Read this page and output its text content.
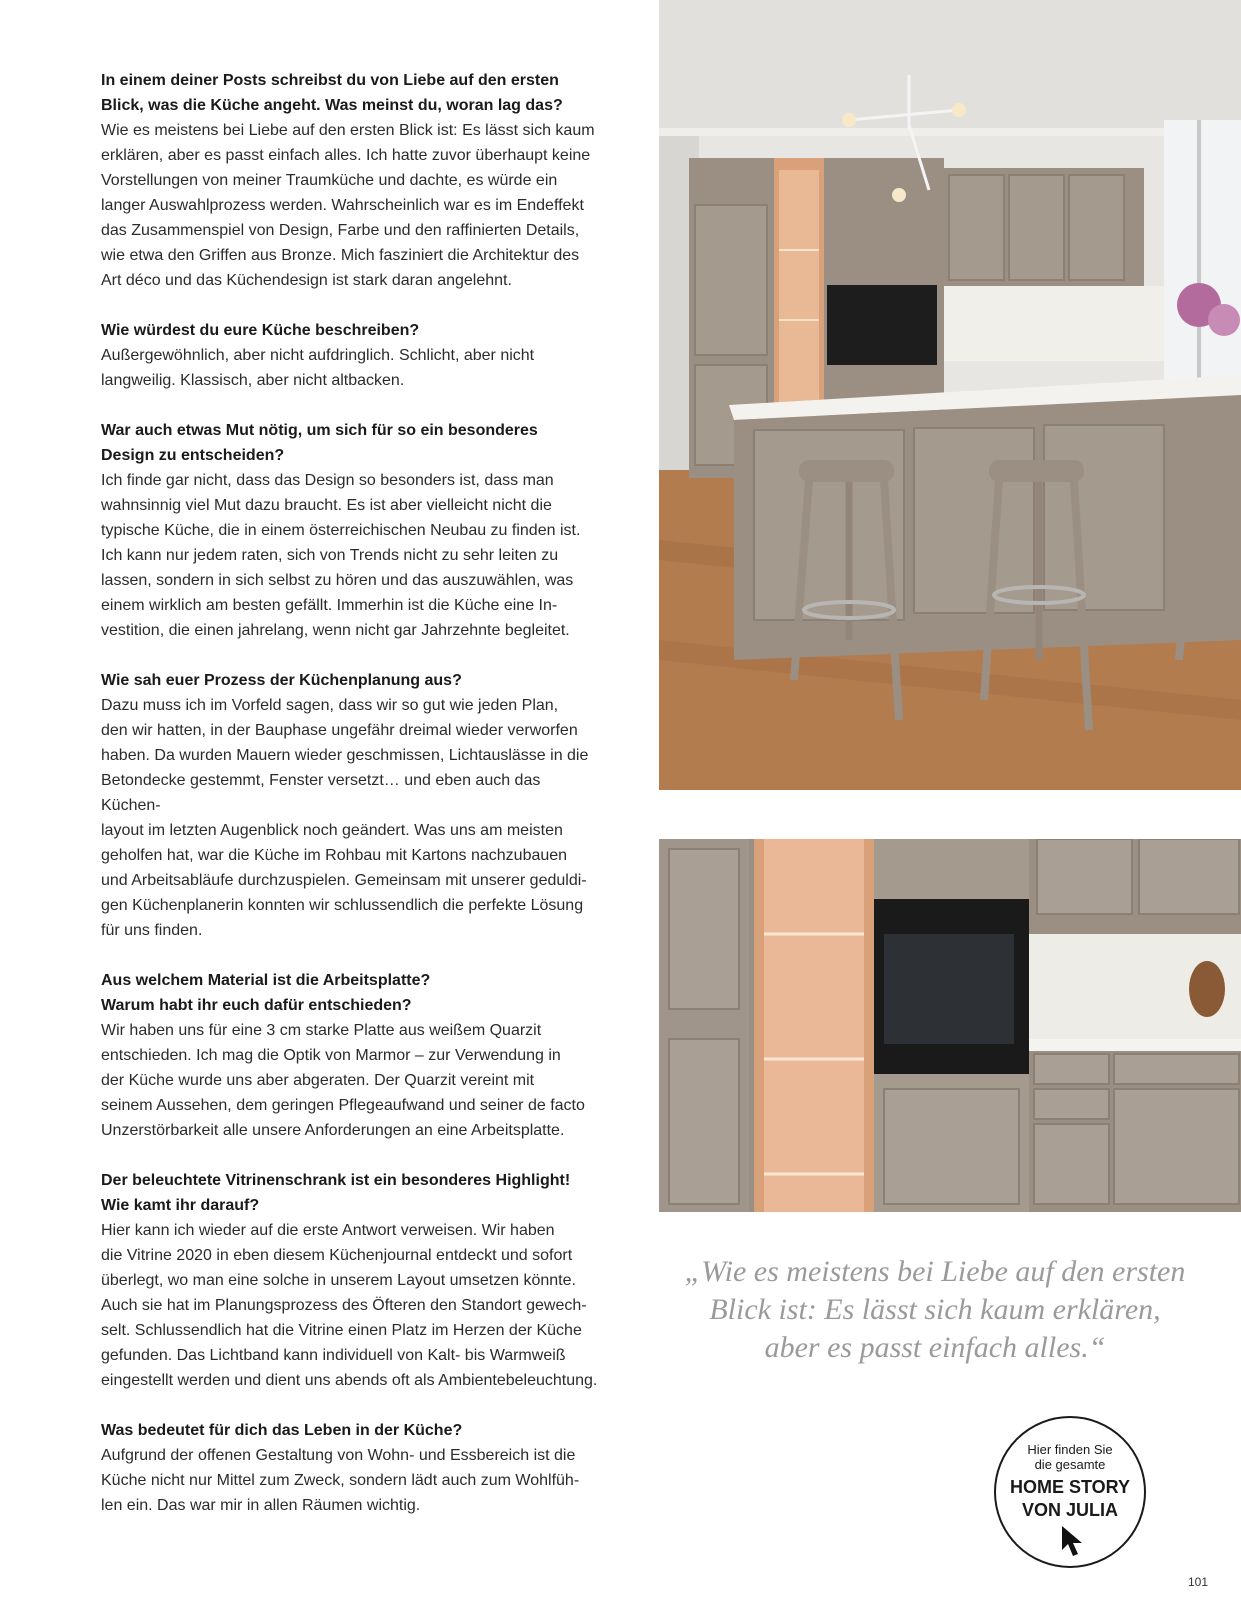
In einem deiner Posts schreibst du von Liebe auf den ersten
Blick, was die Küche angeht. Was meinst du, woran lag das?
Wie es meistens bei Liebe auf den ersten Blick ist: Es lässt sich kaum
erklären, aber es passt einfach alles. Ich hatte zuvor überhaupt keine
Vorstellungen von meiner Traumküche und dachte, es würde ein
langer Auswahlprozess werden. Wahrscheinlich war es im Endeffekt
das Zusammenspiel von Design, Farbe und den raffinierten Details,
wie etwa den Griffen aus Bronze. Mich fasziniert die Architektur des
Art déco und das Küchendesign ist stark daran angelehnt.
Wie würdest du eure Küche beschreiben?
Außergewöhnlich, aber nicht aufdringlich. Schlicht, aber nicht
langweilig. Klassisch, aber nicht altbacken.
War auch etwas Mut nötig, um sich für so ein besonderes
Design zu entscheiden?
Ich finde gar nicht, dass das Design so besonders ist, dass man
wahnsinnig viel Mut dazu braucht. Es ist aber vielleicht nicht die
typische Küche, die in einem österreichischen Neubau zu finden ist.
Ich kann nur jedem raten, sich von Trends nicht zu sehr leiten zu
lassen, sondern in sich selbst zu hören und das auszuwählen, was
einem wirklich am besten gefällt. Immerhin ist die Küche eine In-
vestition, die einen jahrelang, wenn nicht gar Jahrzehnte begleitet.
Wie sah euer Prozess der Küchenplanung aus?
Dazu muss ich im Vorfeld sagen, dass wir so gut wie jeden Plan,
den wir hatten, in der Bauphase ungefähr dreimal wieder verworfen
haben. Da wurden Mauern wieder geschmissen, Lichtauslässe in die
Betondecke gestemmt, Fenster versetzt… und eben auch das Küchen-
layout im letzten Augenblick noch geändert. Was uns am meisten
geholfen hat, war die Küche im Rohbau mit Kartons nachzubauen
und Arbeitsabläufe durchzuspielen. Gemeinsam mit unserer geduldi-
gen Küchenplanerin konnten wir schlussendlich die perfekte Lösung
für uns finden.
Aus welchem Material ist die Arbeitsplatte?
Warum habt ihr euch dafür entschieden?
Wir haben uns für eine 3 cm starke Platte aus weißem Quarzit
entschieden. Ich mag die Optik von Marmor – zur Verwendung in
der Küche wurde uns aber abgeraten. Der Quarzit vereint mit
seinem Aussehen, dem geringen Pflegeaufwand und seiner de facto
Unzerstörbarkeit alle unsere Anforderungen an eine Arbeitsplatte.
Der beleuchtete Vitrinenschrank ist ein besonderes Highlight!
Wie kamt ihr darauf?
Hier kann ich wieder auf die erste Antwort verweisen. Wir haben
die Vitrine 2020 in eben diesem Küchenjournal entdeckt und sofort
überlegt, wo man eine solche in unserem Layout umsetzen könnte.
Auch sie hat im Planungsprozess des Öfteren den Standort gewech-
selt. Schlussendlich hat die Vitrine einen Platz im Herzen der Küche
gefunden. Das Lichtband kann individuell von Kalt- bis Warmweiß
eingestellt werden und dient uns abends oft als Ambientebeleuchtung.
Was bedeutet für dich das Leben in der Küche?
Aufgrund der offenen Gestaltung von Wohn- und Essbereich ist die
Küche nicht nur Mittel zum Zweck, sondern lädt auch zum Wohlfüh-
len ein. Das war mir in allen Räumen wichtig.
„Wie es meistens bei Liebe auf den ersten
Blick ist: Es lässt sich kaum erklären,
aber es passt einfach alles.“
Hier finden Sie
die gesamte
HOME STORY
VON JULIA
101
